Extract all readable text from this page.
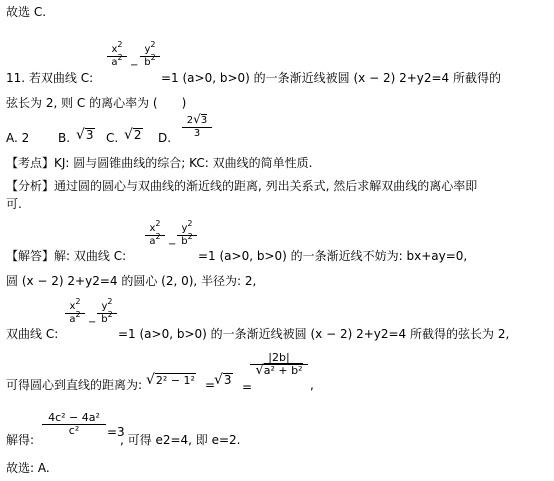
故选 C.
$\frac{x^2}{a^2} - \frac{y^2}{b^2}$
11. 若双曲线 C:	=1 (a>0, b>0) 的一条渐近线被圆 (x − 2) 2+y2=4 所截得的
弦长为 2, 则 C 的离心率为 (　　)
A. 2 B. √3 C. √2 D. $\frac{2√3}{3}$
【考点】KJ: 圆与圆锥曲线的综合; KC: 双曲线的简单性质.
【分析】通过圆的圆心与双曲线的渐近线的距离, 列出关系式, 然后求解双曲线的离心率即
可.
$\frac{x^2}{a^2} - \frac{y^2}{b^2}$
【解答】解: 双曲线 C:	=1 (a>0, b>0) 的一条渐近线不妨为: bx+ay=0,
圆 (x − 2) 2+y2=4 的圆心 (2, 0), 半径为: 2,
$\frac{x^2}{a^2} - \frac{y^2}{b^2}$
双曲线 C:	=1 (a>0, b>0) 的一条渐近线被圆 (x − 2) 2+y2=4 所截得的弦长为 2,
可得圆心到直线的距离为: √2² − 1² =
√3 =
$\frac{|2b|}{\text{√a² + b²}}$
,
解得:
$\frac{\text{4c² − 4a²}}{\text{c²}} =3$
, 可得 e2=4, 即 e=2.
故选: A.
